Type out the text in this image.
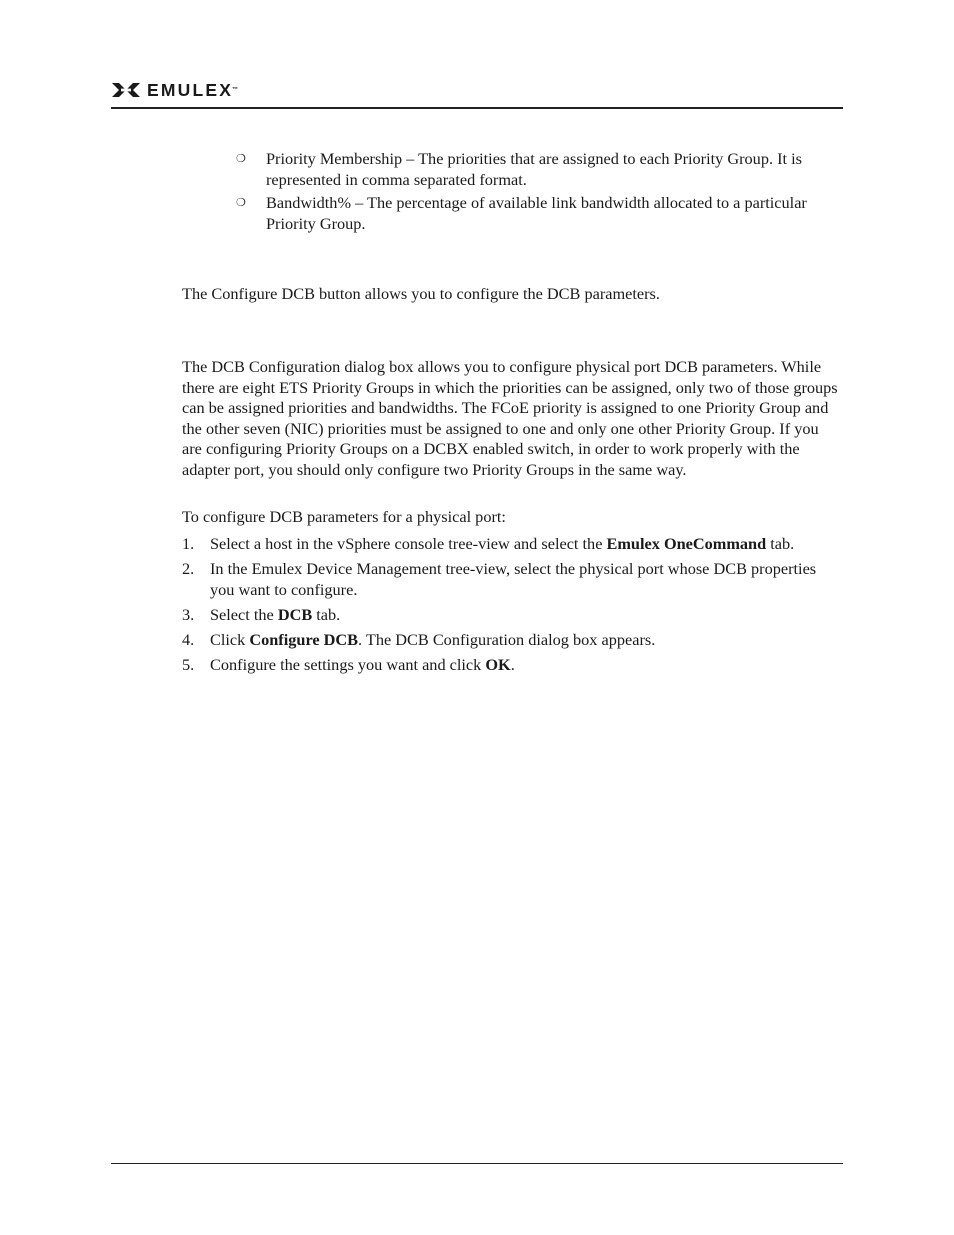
EMULEX™
❍ Priority Membership – The priorities that are assigned to each Priority Group. It is represented in comma separated format.
❍ Bandwidth% – The percentage of available link bandwidth allocated to a particular Priority Group.

The Configure DCB button allows you to configure the DCB parameters.

The DCB Configuration dialog box allows you to configure physical port DCB parameters. While there are eight ETS Priority Groups in which the priorities can be assigned, only two of those groups can be assigned priorities and bandwidths. The FCoE priority is assigned to one Priority Group and the other seven (NIC) priorities must be assigned to one and only one other Priority Group. If you are configuring Priority Groups on a DCBX enabled switch, in order to work properly with the adapter port, you should only configure two Priority Groups in the same way.

To configure DCB parameters for a physical port:

1. Select a host in the vSphere console tree-view and select the Emulex OneCommand tab.
2. In the Emulex Device Management tree-view, select the physical port whose DCB properties you want to configure.
3. Select the DCB tab.
4. Click Configure DCB. The DCB Configuration dialog box appears.
5. Configure the settings you want and click OK.
